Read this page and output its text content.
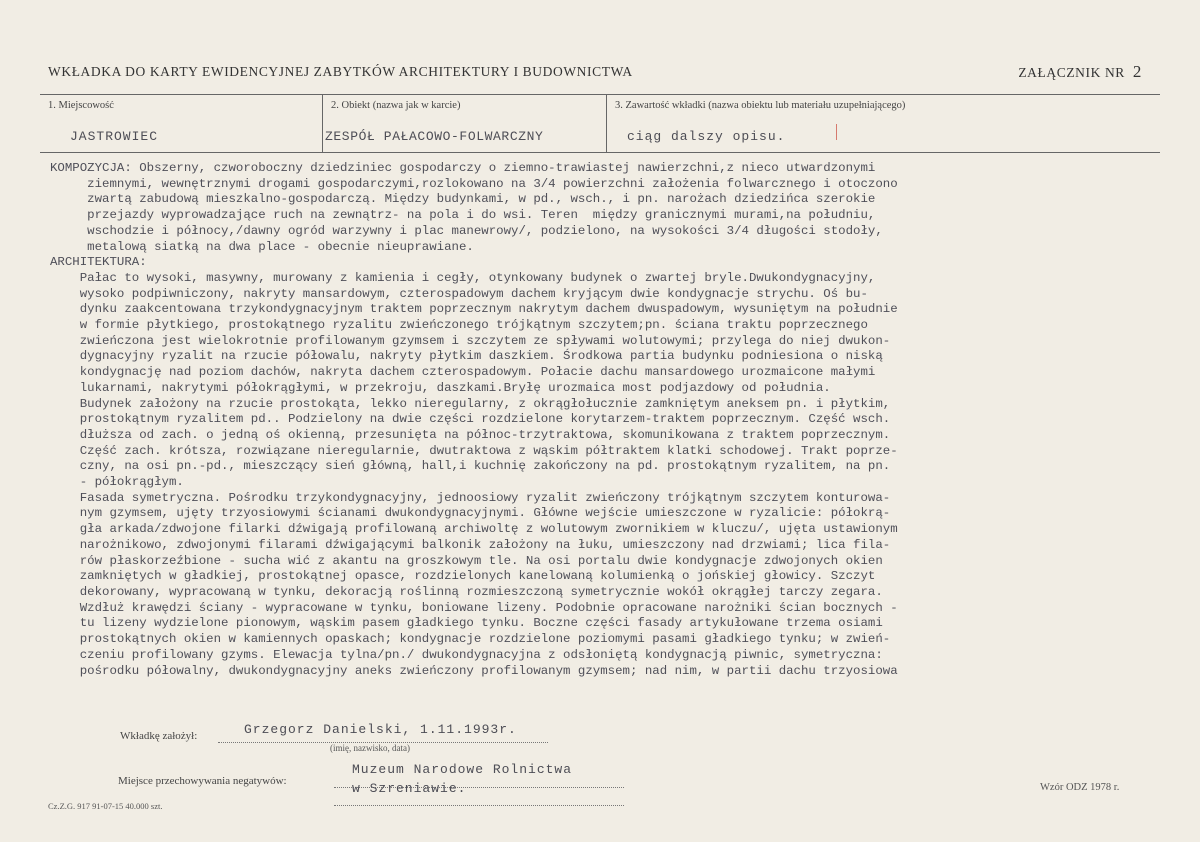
WKŁADKA DO KARTY EWIDENCYJNEJ ZABYTKÓW ARCHITEKTURY I BUDOWNICTWA	ZAŁĄCZNIK NR 2
1. Miejscowość
JASTROWIEC
2. Obiekt (nazwa jak w karcie)
ZESPÓŁ PAŁACOWO-FOLWARCZNY
3. Zawartość wkładki (nazwa obiektu lub materiału uzupełniającego)
ciąg dalszy opisu.
KOMPOZYCJA: Obszerny, czworoboczny dziedziniec gospodarczy o ziemno-trawiastej nawierzchni,z nieco utwardzonymi
ziemnymi, wewnętrznymi drogami gospodarczymi,rozlokowano na 3/4 powierzchni założenia folwarcznego i otoczono
zwartą zabudową mieszkalno-gospodarczą. Między budynkami, w pd., wsch., i pn. narożach dziedzińca szerokie
przejazdy wyprowadzające ruch na zewnątrz- na pola i do wsi. Teren  między granicznymi murami,na południu,
wschodzie i północy,/dawny ogród warzywny i plac manewrowy/, podzielono, na wysokości 3/4 długości stodoły,
metalową siatką na dwa place - obecnie nieuprawiane.
ARCHITEKTURA:
Pałac to wysoki, masywny, murowany z kamienia i cegły, otynkowany budynek o zwartej bryle.Dwukondygnacyjny,
wysoko podpiwniczony, nakryty mansardowym, czterospadowym dachem kryjącym dwie kondygnacje strychu. Oś bu-
dynku zaakcentowana trzykondygnacyjnym traktem poprzecznym nakrytym dachem dwuspadowym, wysuniętym na południe
w formie płytkiego, prostokątnego ryzalitu zwieńczonego trójkątnym szczytem;pn. ściana traktu poprzecznego
zwieńczona jest wielokrotnie profilowanym gzymsem i szczytem ze spływami wolutowymi; przylega do niej dwukon-
dygnacyjny ryzalit na rzucie półowalu, nakryty płytkim daszkiem. Środkowa partia budynku podniesiona o niską
kondygnację nad poziom dachów, nakryta dachem czterospadowym. Połacie dachu mansardowego urozmaicone małymi
lukarnami, nakrytymi półokrągłymi, w przekroju, daszkami.Bryłę urozmaica most podjazdowy od południa.
Budynek założony na rzucie prostokąta, lekko nieregularny, z okrągłołucznie zamkniętym aneksem pn. i płytkim,
prostokątnym ryzalitem pd.. Podzielony na dwie części rozdzielone korytarzem-traktem poprzecznym. Część wsch.
dłuższa od zach. o jedną oś okienną, przesunięta na północ-trzytraktowa, skomunikowana z traktem poprzecznym.
Część zach. krótsza, rozwiązane nieregularnie, dwutraktowa z wąskim półtraktem klatki schodowej. Trakt poprze-
czny, na osi pn.-pd., mieszczący sień główną, hall,i kuchnię zakończony na pd. prostokątnym ryzalitem, na pn.
- półokrągłym.
Fasada symetryczna. Pośrodku trzykondygnacyjny, jednoosiowy ryzalit zwieńczony trójkątnym szczytem konturowa-
nym gzymsem, ujęty trzyosiowymi ścianami dwukondygnacyjnymi. Główne wejście umieszczone w ryzalicie: półokrą-
gła arkada/zdwojone filarki dźwigają profilowaną archiwoltę z wolutowym zwornikiem w kluczu/, ujęta ustawionym
narożnikowo, zdwojonymi filarami dźwigającymi balkonik założony na łuku, umieszczony nad drzwiami; lica fila-
rów płaskorzeźbione - sucha wić z akantu na groszkowym tle. Na osi portalu dwie kondygnacje zdwojonych okien
zamkniętych w gładkiej, prostokątnej opasce, rozdzielonych kanelowaną kolumienką o jońskiej głowicy. Szczyt
dekorowany, wypracowaną w tynku, dekoracją roślinną rozmieszczoną symetrycznie wokół okrągłej tarczy zegara.
Wzdłuż krawędzi ściany - wypracowane w tynku, boniowane lizeny. Podobnie opracowane narożniki ścian bocznych -
tu lizeny wydzielone pionowym, wąskim pasem gładkiego tynku. Boczne części fasady artykułowane trzema osiami
prostokątnych okien w kamiennych opaskach; kondygnacje rozdzielone poziomymi pasami gładkiego tynku; w zwień-
czeniu profilowany gzyms. Elewacja tylna/pn./ dwukondygnacyjna z odsłoniętą kondygnacją piwnic, symetryczna:
pośrodku półowalny, dwukondygnacyjny aneks zwieńczony profilowanym gzymsem; nad nim, w partii dachu trzyosiowa
Wkładkę założył:	Grzegorz Danielski, 1.11.1993r.
(imię, nazwisko, data)
Miejsce przechowywania negatywów:
Muzeum Narodowe Rolnictwa
w Szreniawie.	Wzór ODZ 1978 r.
Cz.Z.G. 917 91-07-15 40.000 szt.
